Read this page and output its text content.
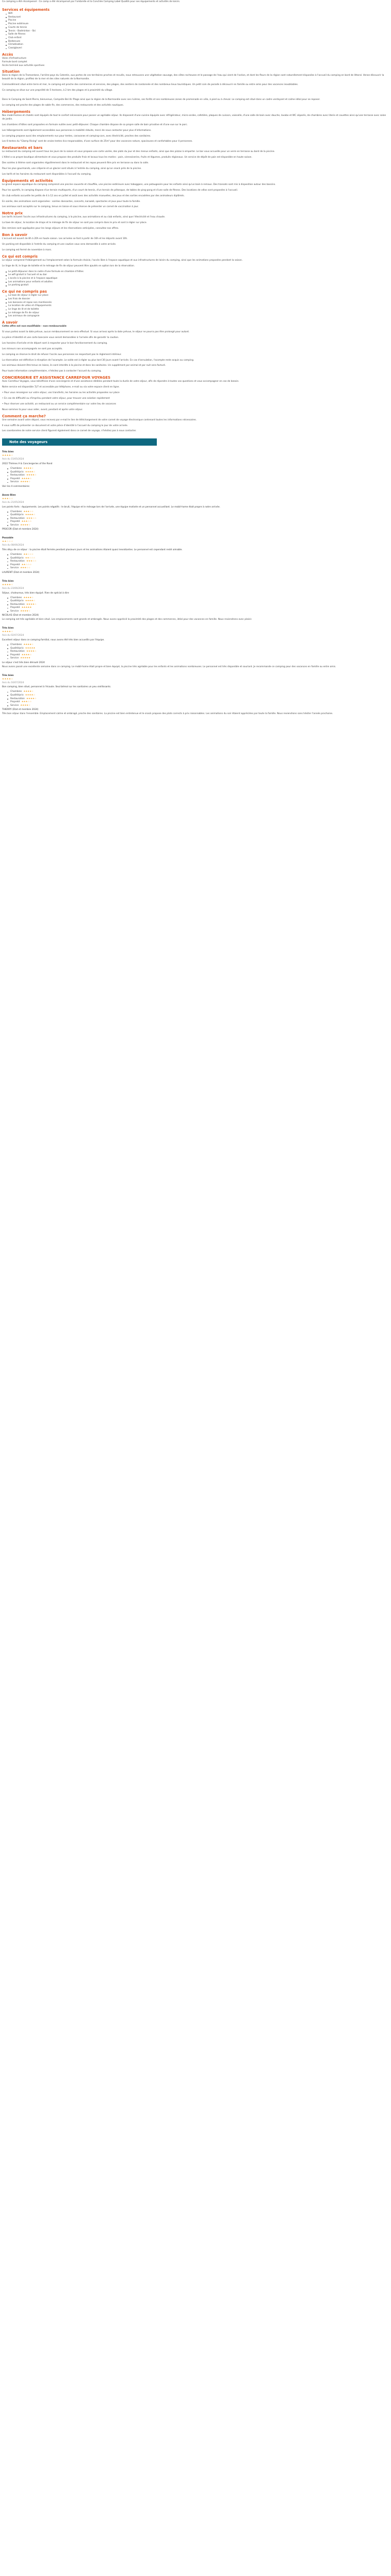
Ce camping a été récompensé : Ce camp a été récompensé par l'ombrelle et la Conchée Camping Label Qualité pour ses équipements et activités de loisirs.

Services et équipements
Wifi
Restaurant
Piscine
Piscine extérieure
Courts de tennis
Tennis - Badminton - Ski
Salle de fitness
Club enfant
Barbecues
Climatisation
Cassiglaveri
Accès
Voies d'infrastructure
Formule bord complet
Accès terminé aux activités sportives
Situation

Dans la région de la Tramontane, l'arrière-pays du Cotentin, aux portes de ces territoires proches et reculés, nous retrouvons une végétation sauvage, des côtes rocheuses et le passage de l'eau qui vient de l'océan, et dont les fleurs de la région sont naturellement disposées à l'accueil du camping en bord de littoral. Venez découvrir la beauté de la région, profitez de la mer et des sites naturels de la Normandie.

Commodément situé entre terre et mer, le camping est proche des commerces et services, des plages, des sentiers de randonnée et des nombreux lieux touristiques. Un petit coin de paradis à découvrir en famille ou entre amis pour des vacances inoubliables.

Ce camping se situe sur une propriété de 5 hectares, à 2 km des plages et à proximité du village.

Dans le Camping de Saint-Pierre, bienvenue, Campsite Bel Air Plage ainsi que la région de la Normandie avec ses rivières, ses forêts et ses nombreuses zones de promenade en vélo, à pied ou à cheval. Le camping est situé dans un cadre verdoyant et calme idéal pour se reposer.

Le camping est proche des plages de sable fin, des commerces, des restaurants et des activités nautiques.

Hébergements

Nos mobil-homes et chalets sont équipés de tout le confort nécessaire pour passer un agréable séjour. Ils disposent d'une cuisine équipée avec réfrigérateur, micro-ondes, cafetière, plaques de cuisson, vaisselle, d'une salle de bain avec douche, lavabo et WC séparés, de chambres avec literie et couettes ainsi qu'une terrasse avec salon de jardin.

Les chambres d'hôtes sont proposées en formule nuitée avec petit-déjeuner. Chaque chambre dispose de sa propre salle de bain privative et d'une vue sur le parc.

Les hébergements sont également accessibles aux personnes à mobilité réduite, merci de nous contacter pour plus d'informations.

Le camping propose aussi des emplacements nus pour tentes, caravanes et camping-cars, avec électricité, proches des sanitaires.

Les 6 tentes du "Glamp Rising" sont de vraies tentes éco-responsables, d'une surface de 25m² pour des vacances nature, spacieuses et confortables pour 4 personnes.

Restaurants et bars

Le restaurant du camping est ouvert tous les jours de la saison et vous propose une carte variée, des plats du jour et des menus enfants, ainsi que des pizzas à emporter. Le bar vous accueille pour un verre en terrasse au bord de la piscine.

L'hôtel a sa propre boutique alimentaire et vous propose des produits frais et locaux tous les matins : pain, viennoiseries, fruits et légumes, produits régionaux. Un service de dépôt de pain est disponible en haute saison.

Des soirées à thème sont organisées régulièrement dans le restaurant et les repas peuvent être pris en terrasse ou dans la salle.

Pour les plus gourmands, une crêperie et un glacier sont situés à l'entrée du camping, ainsi qu'un snack près de la piscine.

Les tarifs et les horaires du restaurant sont disponibles à l'accueil du camping.

Équipements et activités

Le grand espace aquatique du camping comprend une piscine couverte et chauffée, une piscine extérieure avec toboggans, une pataugeoire pour les enfants ainsi qu'un bain à remous. Des transats sont mis à disposition autour des bassins.

Pour les sportifs, le camping dispose d'un terrain multisports, d'un court de tennis, d'un terrain de pétanque, de tables de ping-pong et d'une salle de fitness. Des locations de vélos sont proposées à l'accueil.

Un club enfants accueille les petits de 4 à 12 ans en juillet et août avec des activités manuelles, des jeux et des sorties encadrées par des animateurs diplômés.

En soirée, des animations sont organisées : soirées dansantes, concerts, karaoké, spectacles et jeux pour toute la famille.

Les animaux sont acceptés sur le camping, tenus en laisse et sous réserve de présenter un carnet de vaccination à jour.

Notre prix

Les tarifs incluent l'accès aux infrastructures du camping, à la piscine, aux animations et au club enfants, ainsi que l'électricité et l'eau chaude.

La taxe de séjour, la location de draps et le ménage de fin de séjour ne sont pas compris dans le prix et sont à régler sur place.

Des remises sont appliquées pour les longs séjours et les réservations anticipées, consultez nos offres.

Bon à savoir

L'accueil est ouvert de 8h à 20h en haute saison. Les arrivées se font à partir de 16h et les départs avant 10h.

Un parking est disponible à l'entrée du camping et une caution vous sera demandée à votre arrivée.

Le camping est fermé de novembre à mars.

Ce qui est compris

Le séjour comprend l'hébergement ou l'emplacement selon la formule choisie, l'accès libre à l'espace aquatique et aux infrastructures de loisirs du camping, ainsi que les animations proposées pendant la saison.

Le linge de lit, le linge de toilette et le ménage de fin de séjour peuvent être ajoutés en option lors de la réservation.

Le petit-déjeuner dans le cadre d'une formule en chambre d'hôtes
Le wifi gratuit à l'accueil et au bar
L'accès à la piscine et à l'espace aquatique
Les animations pour enfants et adultes
Le parking gratuit
Ce qui ne compris pas
La taxe de séjour à régler sur place
Les frais de dossier
Les boissons et repas non mentionnés
La location de vélos et d'équipements
Le linge de lit et de toilette
Le ménage de fin de séjour
Les animaux de compagnie
À savoir

Cette offre est non-modifiable - non-remboursable

Si vous partez avant la date prévue, aucun remboursement ne sera effectué. Si vous arrivez après la date prévue, le séjour ne pourra pas être prolongé pour autant.

La pièce d'identité et une carte bancaire vous seront demandées à l'arrivée afin de garantir la caution.

Les horaires d'arrivée et de départ sont à respecter pour le bon fonctionnement du camping.

Les mineurs non accompagnés ne sont pas acceptés.

Le camping se réserve le droit de refuser l'accès aux personnes ne respectant pas le règlement intérieur.

La réservation est définitive à réception de l'acompte. Le solde est à régler au plus tard 30 jours avant l'arrivée. En cas d'annulation, l'acompte reste acquis au camping.

Les animaux doivent être tenus en laisse, ils sont interdits à la piscine et dans les sanitaires. Un supplément par animal et par nuit sera facturé.

Pour toute information complémentaire, n'hésitez pas à contacter l'accueil du camping.

CONCIERGERIE ET ASSISTANCE CARREFOUR VOYAGES

Avec Carrefour Voyages, vous bénéficiez d'une conciergerie et d'une assistance dédiées pendant toute la durée de votre séjour, afin de répondre à toutes vos questions et vous accompagner en cas de besoin.

Notre service est disponible 7j/7 et accessible par téléphone, e-mail ou via votre espace client en ligne.

• Pour vous renseigner sur votre séjour, vos transferts, les horaires ou les activités proposées sur place

• En cas de difficulté ou d'imprévu pendant votre séjour, pour trouver une solution rapidement

• Pour réserver une activité, un restaurant ou un service complémentaire sur votre lieu de vacances

Nous sommes là pour vous aider, avant, pendant et après votre séjour.

Comment ça marche?

Une semaine avant votre départ, vous recevez par e-mail le lien de téléchargement de votre carnet de voyage électronique contenant toutes les informations nécessaires.

Il vous suffit de présenter ce document et votre pièce d'identité à l'accueil du camping le jour de votre arrivée.

Les coordonnées de notre service client figurent également dans ce carnet de voyage, n'hésitez pas à nous contacter.

Note des voyageurs
Très bien
★★★★☆
Avis du 15/05/2024
2022 Thèmes A & Conciergeries of the Rond
Chambres ★★★★☆
Qualité/prix ★★★★☆
Restauration ★★★★☆
Propreté ★★★★☆
Service ★★★★☆
Voir les 4 commentaires
Assez Bien
★★★☆☆
Avis du 21/05/2024
Les points forts : équipements. Les points négatifs : le bruit, l'équipe et le ménage lors de l'arrivée, une équipe motivée et un personnel accueillant. Le mobil-home était propre à notre arrivée.
Chambres ★★★☆☆
Qualité/prix ★★★★☆
Restauration ★★★☆☆
Propreté ★★★☆☆
Service ★★★★☆
PROCOR (Etat et membre 2024)
Passable
★★☆☆☆
Avis du 08/06/2024
Très déçu de ce séjour : la piscine était fermée pendant plusieurs jours et les animations étaient quasi inexistantes. Le personnel est cependant resté aimable.
Chambres ★★☆☆☆
Qualité/prix ★★☆☆☆
Restauration ★★★☆☆
Propreté ★★☆☆☆
Service ★★★☆☆
LAURENT (Etat et membre 2024)
Très bien
★★★★☆
Avis du 23/06/2024
Séjour, chaleureux, très bien équipé. Rien de spécial à dire
Chambres ★★★★☆
Qualité/prix ★★★★☆
Restauration ★★★★☆
Propreté ★★★★★
Service ★★★★☆
NICOLAS (Etat et membre 2024)
Le camping est très agréable et bien situé. Les emplacements sont grands et ombragés. Nous avons apprécié la proximité des plages et des commerces, idéal pour des vacances en famille. Nous reviendrons avec plaisir.
Très bien
★★★★☆
Avis du 02/07/2024
Excellent séjour dans ce camping familial, nous avons été très bien accueillis par l'équipe.
Chambres ★★★★☆
Qualité/prix ★★★★★
Restauration ★★★★☆
Propreté ★★★★☆
Service ★★★★★
Le séjour s'est très bien déroulé 2024
Nous avons passé une excellente semaine dans ce camping. Le mobil-home était propre et bien équipé, la piscine très agréable pour les enfants et les animations nombreuses. Le personnel est très disponible et souriant. Je recommande ce camping pour des vacances en famille ou entre amis.
Très bien
★★★★☆
Avis du 16/07/2024
Bon camping, bien situé, personnel à l'écoute. Seul bémol sur les sanitaires un peu vieillissants.
Chambres ★★★★☆
Qualité/prix ★★★★☆
Restauration ★★★★☆
Propreté ★★★☆☆
Service ★★★★☆
THIERRY (Etat et membre 2024)
Très bon séjour dans l'ensemble. Emplacement calme et ombragé, proche des sanitaires. La piscine est bien entretenue et le snack propose des plats corrects à prix raisonnables. Les animations du soir étaient appréciées par toute la famille. Nous reviendrons sans hésiter l'année prochaine.
